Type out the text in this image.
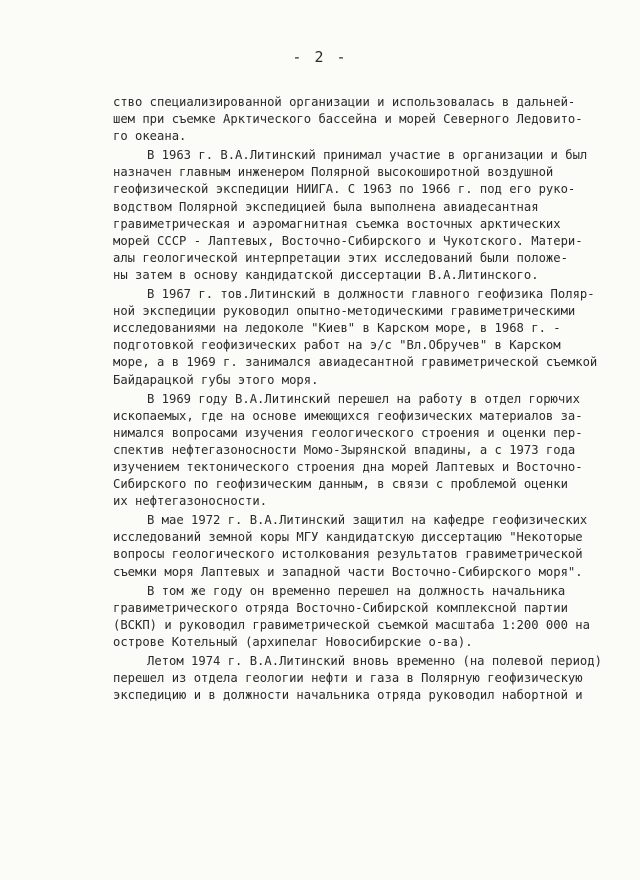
- 2 -
ство специализированной организации и использовалась в дальней-
шем при съемке Арктического бассейна и морей Северного Ледовито-
го океана.
В 1963 г. В.А.Литинский принимал участие в организации и был
назначен главным инженером Полярной высокоширотной воздушной
геофизической экспедиции НИИГА. С 1963 по 1966 г. под его руко-
водством Полярной экспедицией была выполнена авиадесантная
гравиметрическая и аэромагнитная съемка восточных арктических
морей СССР - Лаптевых, Восточно-Сибирского и Чукотского. Матери-
алы геологической интерпретации этих исследований были положе-
ны затем в основу кандидатской диссертации В.А.Литинского.
В 1967 г. тов.Литинский в должности главного геофизика Поляр-
ной экспедиции руководил опытно-методическими гравиметрическими
исследованиями на ледоколе "Киев" в Карском море, в 1968 г. -
подготовкой геофизических работ на э/с "Вл.Обручев" в Карском
море, а в 1969 г. занимался авиадесантной гравиметрической съемкой
Байдарацкой губы этого моря.
В 1969 году В.А.Литинский перешел на работу в отдел горючих
ископаемых, где на основе имеющихся геофизических материалов за-
нимался вопросами изучения геологического строения и оценки пер-
спектив нефтегазоносности Момо-Зырянской впадины, а с 1973 года
изучением тектонического строения дна морей Лаптевых и Восточно-
Сибирского по геофизическим данным, в связи с проблемой оценки
их нефтегазоносности.
В мае 1972 г. В.А.Литинский защитил на кафедре геофизических
исследований земной коры МГУ кандидатскую диссертацию "Некоторые
вопросы геологического истолкования результатов гравиметрической
съемки моря Лаптевых и западной части Восточно-Сибирского моря".
В том же году он временно перешел на должность начальника
гравиметрического отряда Восточно-Сибирской комплексной партии
(ВСКП) и руководил гравиметрической съемкой масштаба 1:200 000 на
острове Котельный (архипелаг Новосибирские о-ва).
Летом 1974 г. В.А.Литинский вновь временно (на полевой период)
перешел из отдела геологии нефти и газа в Полярную геофизическую
экспедицию и в должности начальника отряда руководил набортной и
